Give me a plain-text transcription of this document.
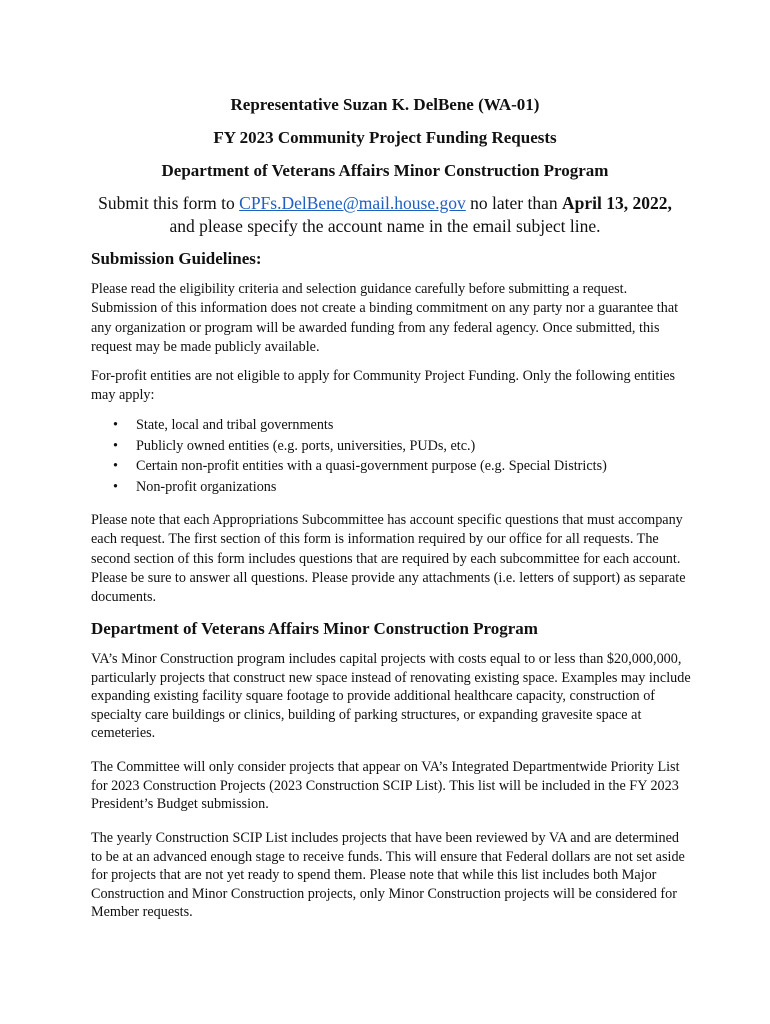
Representative Suzan K. DelBene (WA-01)
FY 2023 Community Project Funding Requests
Department of Veterans Affairs Minor Construction Program
Submit this form to CPFs.DelBene@mail.house.gov no later than April 13, 2022,
and please specify the account name in the email subject line.
Submission Guidelines:
Please read the eligibility criteria and selection guidance carefully before submitting a request. Submission of this information does not create a binding commitment on any party nor a guarantee that any organization or program will be awarded funding from any federal agency. Once submitted, this request may be made publicly available.
For-profit entities are not eligible to apply for Community Project Funding. Only the following entities may apply:
• State, local and tribal governments
• Publicly owned entities (e.g. ports, universities, PUDs, etc.)
• Certain non-profit entities with a quasi-government purpose (e.g. Special Districts)
• Non-profit organizations
Please note that each Appropriations Subcommittee has account specific questions that must accompany each request. The first section of this form is information required by our office for all requests. The second section of this form includes questions that are required by each subcommittee for each account. Please be sure to answer all questions. Please provide any attachments (i.e. letters of support) as separate documents.
Department of Veterans Affairs Minor Construction Program
VA’s Minor Construction program includes capital projects with costs equal to or less than $20,000,000, particularly projects that construct new space instead of renovating existing space. Examples may include expanding existing facility square footage to provide additional healthcare capacity, construction of specialty care buildings or clinics, building of parking structures, or expanding gravesite space at cemeteries.
The Committee will only consider projects that appear on VA’s Integrated Departmentwide Priority List for 2023 Construction Projects (2023 Construction SCIP List). This list will be included in the FY 2023 President’s Budget submission.
The yearly Construction SCIP List includes projects that have been reviewed by VA and are determined to be at an advanced enough stage to receive funds. This will ensure that Federal dollars are not set aside for projects that are not yet ready to spend them. Please note that while this list includes both Major Construction and Minor Construction projects, only Minor Construction projects will be considered for Member requests.
